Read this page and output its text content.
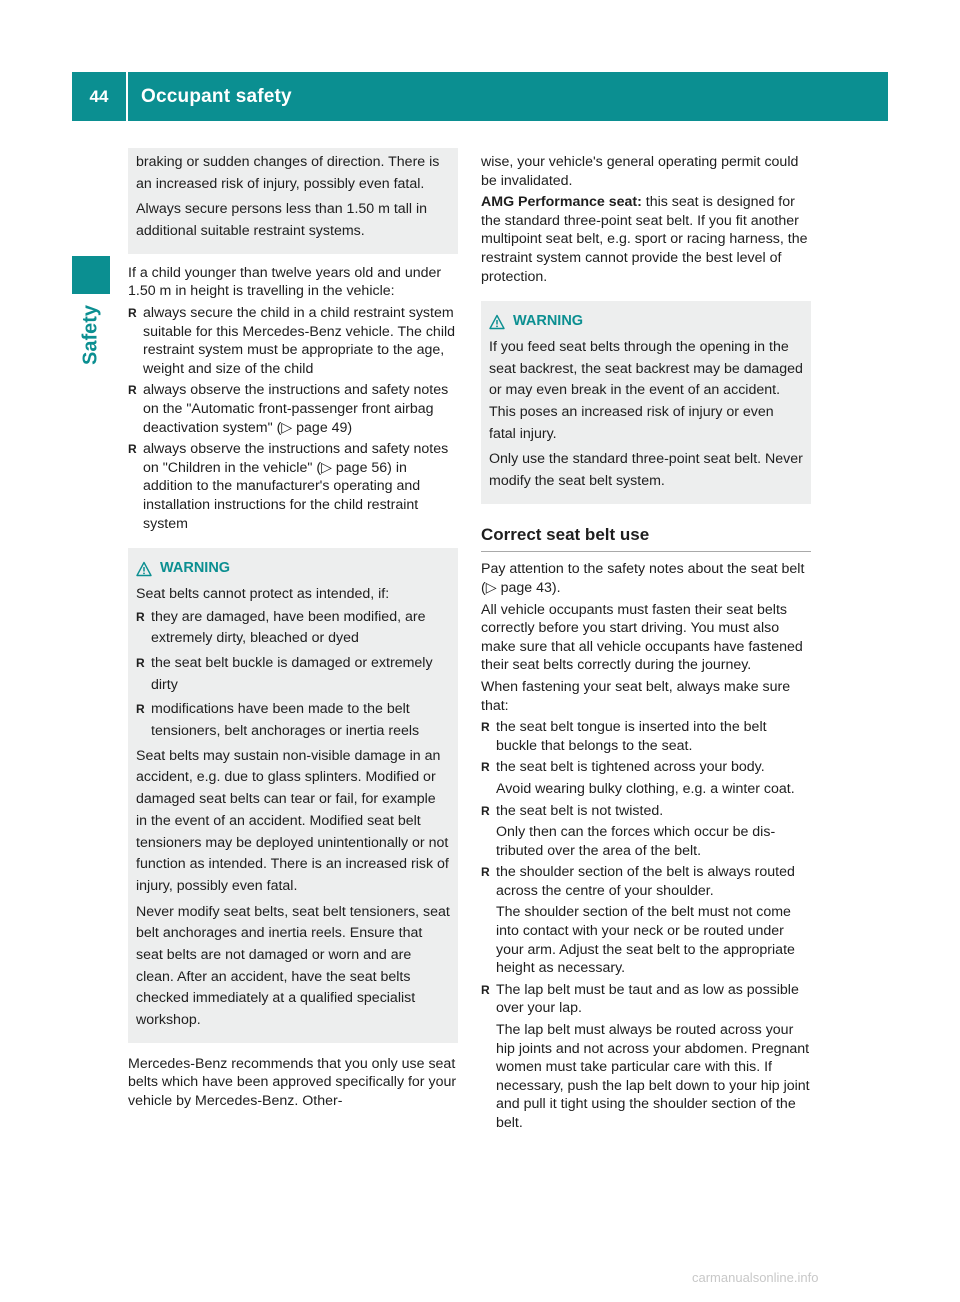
44	Occupant safety
Safety

braking or sudden changes of direction. There is an increased risk of injury, possibly even fatal.

Always secure persons less than 1.50 m tall in additional suitable restraint systems.

If a child younger than twelve years old and under 1.50 m in height is travelling in the vehicle:

R always secure the child in a child restraint system suitable for this Mercedes-Benz vehicle. The child restraint system must be appropriate to the age, weight and size of the child
R always observe the instructions and safety notes on the "Automatic front-passenger front airbag deactivation system" (▷ page 49)
R always observe the instructions and safety notes on "Children in the vehicle" (▷ page 56) in addition to the manufacturer's operating and installation instructions for the child restraint system
WARNING

Seat belts cannot protect as intended, if:

R they are damaged, have been modified, are extremely dirty, bleached or dyed
R the seat belt buckle is damaged or extremely dirty
R modifications have been made to the belt tensioners, belt anchorages or inertia reels

Seat belts may sustain non-visible damage in an accident, e.g. due to glass splinters. Modified or damaged seat belts can tear or fail, for example in the event of an accident. Modified seat belt tensioners may be deployed unintentionally or not function as intended. There is an increased risk of injury, possibly even fatal.

Never modify seat belts, seat belt tensioners, seat belt anchorages and inertia reels. Ensure that seat belts are not damaged or worn and are clean. After an accident, have the seat belts checked immediately at a qualified specialist workshop.

Mercedes-Benz recommends that you only use seat belts which have been approved specifically for your vehicle by Mercedes-Benz. Other-

wise, your vehicle's general operating permit could be invalidated.

AMG Performance seat: this seat is designed for the standard three-point seat belt. If you fit another multipoint seat belt, e.g. sport or racing harness, the restraint system cannot provide the best level of protection.

WARNING

If you feed seat belts through the opening in the seat backrest, the seat backrest may be damaged or may even break in the event of an accident. This poses an increased risk of injury or even fatal injury.

Only use the standard three-point seat belt. Never modify the seat belt system.

Correct seat belt use

Pay attention to the safety notes about the seat belt (▷ page 43).

All vehicle occupants must fasten their seat belts correctly before you start driving. You must also make sure that all vehicle occupants have fastened their seat belts correctly during the journey.

When fastening your seat belt, always make sure that:

R the seat belt tongue is inserted into the belt buckle that belongs to the seat.
R the seat belt is tightened across your body.
Avoid wearing bulky clothing, e.g. a winter coat.
R the seat belt is not twisted.
Only then can the forces which occur be distributed over the area of the belt.
R the shoulder section of the belt is always routed across the centre of your shoulder.
The shoulder section of the belt must not come into contact with your neck or be routed under your arm. Adjust the seat belt to the appropriate height as necessary.
R The lap belt must be taut and as low as possible over your lap.
The lap belt must always be routed across your hip joints and not across your abdomen. Pregnant women must take particular care with this. If necessary, push the lap belt down to your hip joint and pull it tight using the shoulder section of the belt.
carmanualsonline.info
